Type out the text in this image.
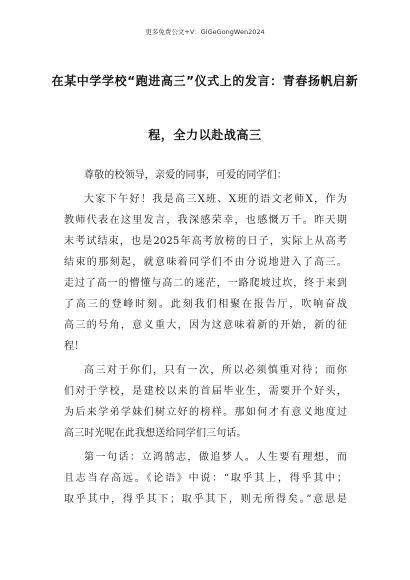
更多免费公文+V：GiGeGongWen2024
在某中学学校“跑进高三”仪式上的发言：青春扬帆启新
程，全力以赴战高三
尊敬的校领导，亲爱的同事，可爱的同学们：
大家下午好！我是高三X班、X班的语文老师X，作为
教师代表在这里发言，我深感荣幸，也感慨万千。昨天期
末考试结束，也是2025年高考放榜的日子，实际上从高考
结束的那刻起，就意味着同学们不由分说地进入了高三。
走过了高一的懵懂与高二的迷茫，一路爬坡过坎，终于来到
了高三的登峰时刻。此刻我们相聚在报告厅，吹响奋战
高三的号角，意义重大，因为这意味着新的开始，新的征
程！
高三对于你们，只有一次，所以必须慎重对待；而你
们对于学校，是建校以来的首届毕业生，需要开个好头，
为后来学弟学妹们树立好的榜样。那如何才有意义地度过
高三时光呢在此我想送给同学们三句话。
第一句话：立鸿鹄志，做追梦人。人生要有理想，而
且志当存高远。《论语》中说：“取乎其上，得乎其中；
取乎其中，得乎其下；取乎其下，则无所得矣。”意思是
